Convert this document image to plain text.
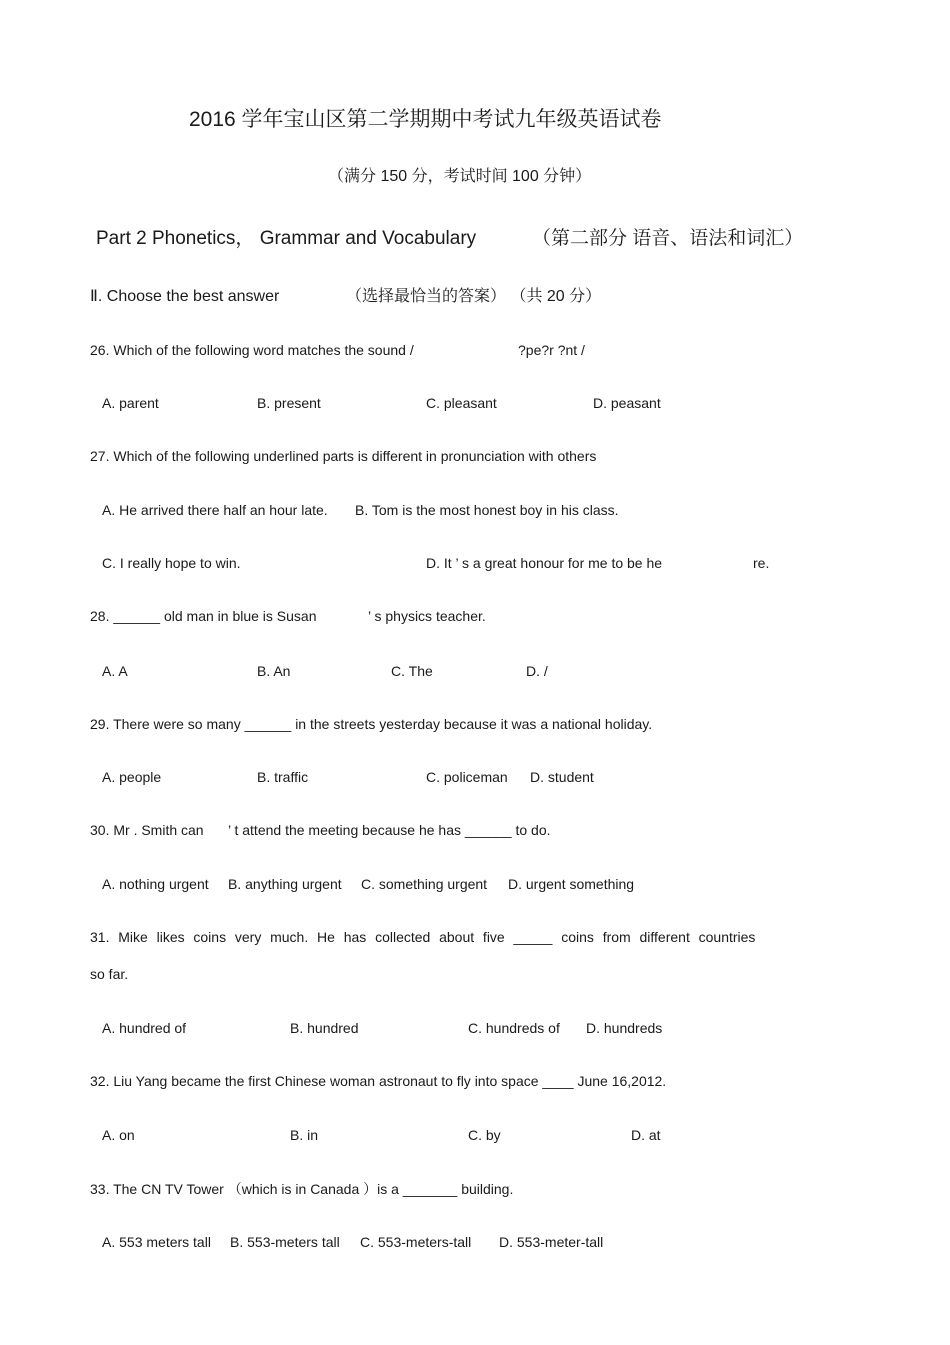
2016 学年宝山区第二学期期中考试九年级英语试卷
（满分 150 分，考试时间 100 分钟）
Part 2 Phonetics， Grammar and Vocabulary	（第二部分 语音、语法和词汇）
Ⅱ. Choose the best answer	（选择最恰当的答案） （共 20 分）
26. Which of the following word matches the sound /	?pe?r ?nt /
A. parent	B. present	C. pleasant	D. peasant
27. Which of the following underlined parts is different in pronunciation with others
A. He arrived there half an hour late. B. Tom is the most honest boy in his class.
C. I really hope to win.	D. It ’ s a great honour for me to be he	re.
28. ______ old man in blue is Susan	’ s physics teacher.
A. A	B. An	C. The	D. /
29. There were so many ______ in the streets yesterday because it was a national holiday.
A. people	B. traffic	C. policeman D. student
30. Mr . Smith can ’ t attend the meeting because he has ______ to do.
A. nothing urgent B. anything urgent C. something urgent D. urgent something
31. Mike likes coins very much. He has collected about five _____ coins from different countries
so far.
A. hundred of	B. hundred	C. hundreds of D. hundreds
32. Liu Yang became the first Chinese woman astronaut to fly into space ____ June 16,2012.
A. on	B. in	C. by	D. at
33. The CN TV Tower （which is in Canada ）is a _______ building.
A. 553 meters tall B. 553-meters tall C. 553-meters-tall D. 553-meter-tall
